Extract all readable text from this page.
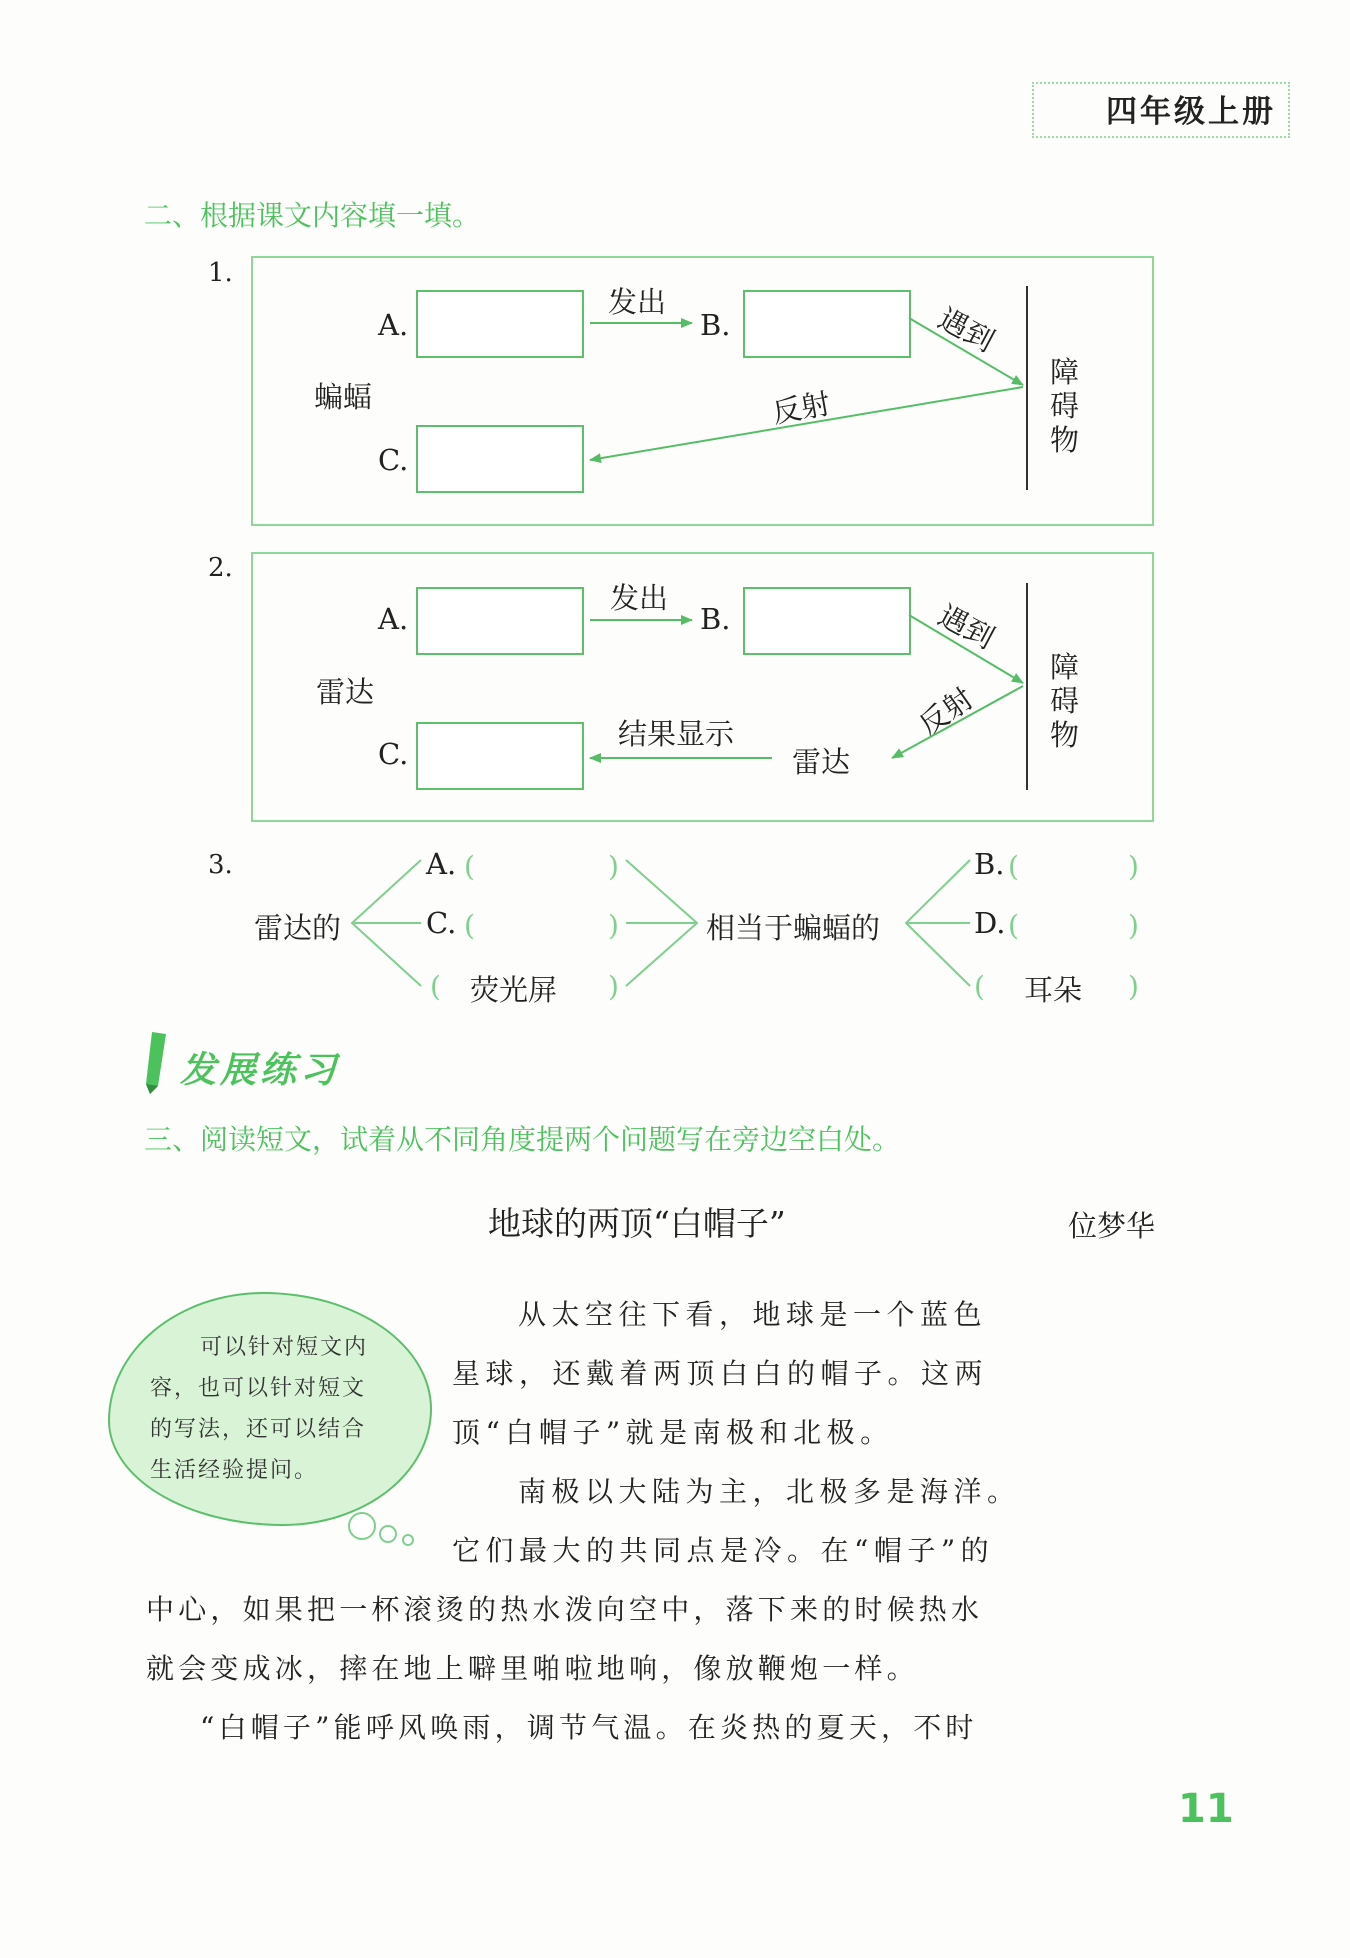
四年级上册
二、根据课文内容填一填。
1.
A.	B.
C.
蝙蝠
发出	遇到
反射
障
碍
物
2.
A.	B.
C.
雷达
发出
遇到
反射
结果显示
雷达
障
碍
物
3.
雷达的	相当于蝙蝠的
A.
C.
B.
D.
荧光屏	耳朵
(	)
(	)
(	)
(	)
(	)
(	)
发展练习
三、阅读短文，试着从不同角度提两个问题写在旁边空白处。
地球的两顶“白帽子”	位梦华
可以针对短文内
容，也可以针对短文
的写法，还可以结合
生活经验提问。
从太空往下看，地球是一个蓝色
星球，还戴着两顶白白的帽子。这两
顶“白帽子”就是南极和北极。
南极以大陆为主，北极多是海洋。
它们最大的共同点是冷。在“帽子”的
中心，如果把一杯滚烫的热水泼向空中，落下来的时候热水
就会变成冰，摔在地上噼里啪啦地响，像放鞭炮一样。
“白帽子”能呼风唤雨，调节气温。在炎热的夏天，不时
11
